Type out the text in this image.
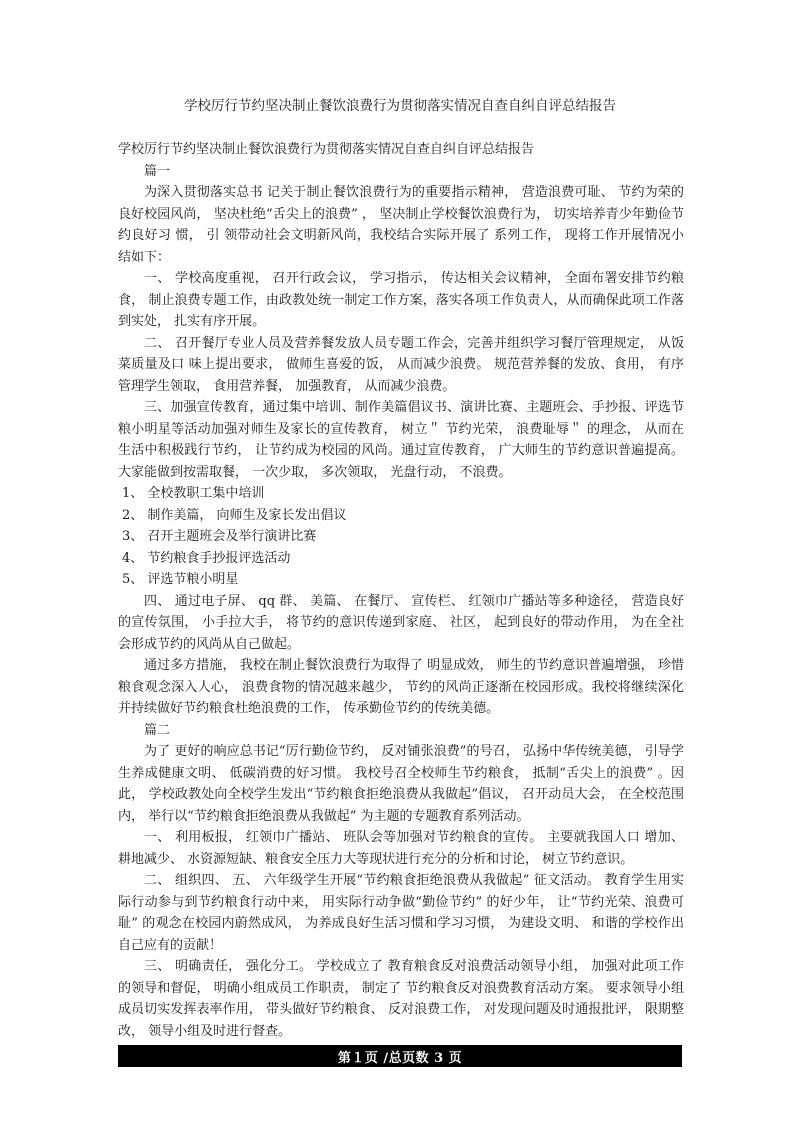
学校厉行节约坚决制止餐饮浪费行为贯彻落实情况自查自纠自评总结报告

学校厉行节约坚决制止餐饮浪费行为贯彻落实情况自查自纠自评总结报告

篇一

为深入贯彻落实总书 记关于制止餐饮浪费行为的重要指示精神， 营造浪费可耻、 节约为荣的良好校园风尚， 坚决杜绝“舌尖上的浪费” ， 坚决制止学校餐饮浪费行为， 切实培养青少年勤俭节约良好习 惯， 引 领带动社会文明新风尚，我校结合实际开展了 系列工作， 现将工作开展情况小结如下：

一、 学校高度重视， 召开行政会议， 学习指示， 传达相关会议精神， 全面布署安排节约粮食， 制止浪费专题工作，由政教处统一制定工作方案，落实各项工作负责人，从而确保此项工作落到实处， 扎实有序开展。

二、 召开餐厅专业人员及营养餐发放人员专题工作会，完善并组织学习餐厅管理规定， 从饭菜质量及口 味上提出要求， 做师生喜爱的饭， 从而减少浪费。 规范营养餐的发放、食用， 有序管理学生领取， 食用营养餐， 加强教育， 从而减少浪费。

三、加强宣传教育，通过集中培训、制作美篇倡议书、演讲比赛、主题班会、手抄报、评选节粮小明星等活动加强对师生及家长的宣传教育， 树立＂ 节约光荣， 浪费耻辱＂ 的理念， 从而在生活中积极践行节约， 让节约成为校园的风尚。通过宣传教育， 广大师生的节约意识普遍提高。 大家能做到按需取餐， 一次少取， 多次领取， 光盘行动， 不浪费。

1、 全校教职工集中培训

2、 制作美篇， 向师生及家长发出倡议

3、 召开主题班会及举行演讲比赛

4、 节约粮食手抄报评选活动

5、 评选节粮小明星

四、 通过电子屏、 qq 群、 美篇、 在餐厅、 宣传栏、 红领巾广播站等多种途径， 营造良好的宣传氛围， 小手拉大手， 将节约的意识传递到家庭、 社区， 起到良好的带动作用， 为在全社会形成节约的风尚从自己做起。

通过多方措施， 我校在制止餐饮浪费行为取得了 明显成效， 师生的节约意识普遍增强， 珍惜粮食观念深入人心， 浪费食物的情况越来越少， 节约的风尚正逐渐在校园形成。我校将继续深化并持续做好节约粮食杜绝浪费的工作， 传承勤俭节约的传统美德。

篇二

为了 更好的响应总书记“厉行勤俭节约， 反对铺张浪费”的号召， 弘扬中华传统美德， 引导学生养成健康文明、 低碳消费的好习惯。 我校号召全校师生节约粮食， 抵制“舌尖上的浪费” 。因此， 学校政教处向全校学生发出“节约粮食拒绝浪费从我做起”倡议， 召开动员大会， 在全校范围内， 举行以“节约粮食拒绝浪费从我做起” 为主题的专题教育系列活动。

一、 利用板报， 红领巾广播站、 班队会等加强对节约粮食的宣传。 主要就我国人口 增加、耕地减少、 水资源短缺、粮食安全压力大等现状进行充分的分析和讨论， 树立节约意识。

二、 组织四、 五、 六年级学生开展“节约粮食拒绝浪费从我做起” 征文活动。 教育学生用实际行动参与到节约粮食行动中来， 用实际行动争做“勤俭节约” 的好少年， 让“节约光荣、浪费可耻” 的观念在校园内蔚然成风， 为养成良好生活习惯和学习习惯， 为建设文明、 和谐的学校作出自己应有的贡献！

三、 明确责任， 强化分工。 学校成立了 教育粮食反对浪费活动领导小组， 加强对此项工作的领导和督促， 明确小组成员工作职责， 制定了 节约粮食反对浪费教育活动方案。 要求领导小组成员切实发挥表率作用， 带头做好节约粮食、 反对浪费工作， 对发现问题及时通报批评， 限期整改， 领导小组及时进行督查。

第１页 /总页数 3 页
